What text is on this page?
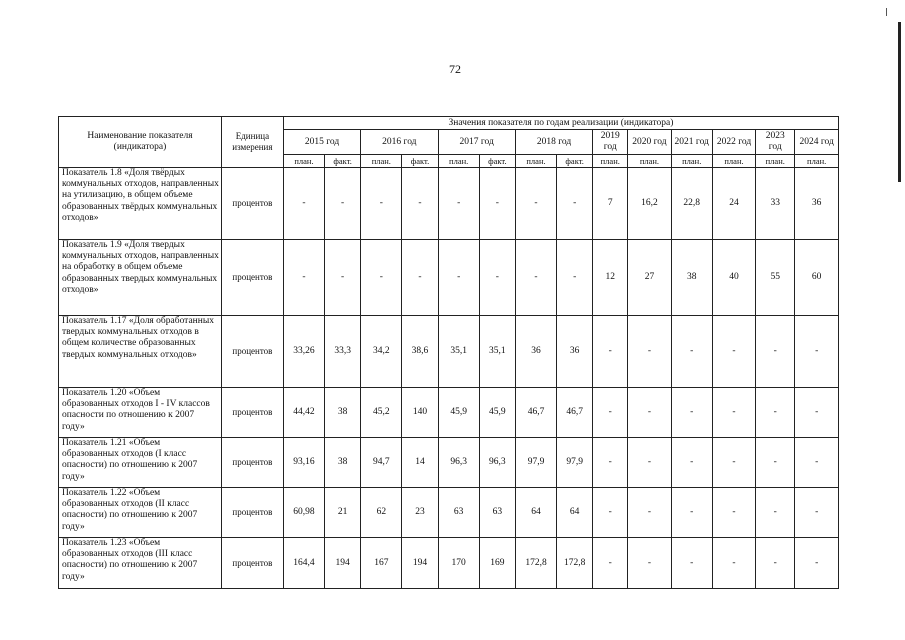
72
Наименование показателя (индикатора)	Единица измерения	Значения показателя по годам реализации (индикатора)													
		2015 год		2016 год		2017 год		2018 год		2019 год	2020 год	2021 год	2022 год	2023 год	2024 год
		план.	факт.	план.	факт.	план.	факт.	план.	факт.	план.	план.	план.	план.	план.	план.
Показатель 1.8 «Доля твёрдых коммунальных отходов, направленных на утилизацию, в общем объеме образованных твёрдых коммунальных отходов»	процентов	-	-	-	-	-	-	-	-	7	16,2	22,8	24	33	36
Показатель 1.9 «Доля твердых коммунальных отходов, направленных на обработку в общем объеме образованных твердых коммунальных отходов»	процентов	-	-	-	-	-	-	-	-	12	27	38	40	55	60
Показатель 1.17 «Доля обработанных твердых коммунальных отходов в общем количестве образованных твердых коммунальных отходов»	процентов	33,26	33,3	34,2	38,6	35,1	35,1	36	36	-	-	-	-	-	-
Показатель 1.20 «Объем образованных отходов I - IV классов опасности по отношению к 2007 году»	процентов	44,42	38	45,2	140	45,9	45,9	46,7	46,7	-	-	-	-	-	-
Показатель 1.21 «Объем образованных отходов (I класс опасности) по отношению к 2007 году»	процентов	93,16	38	94,7	14	96,3	96,3	97,9	97,9	-	-	-	-	-	-
Показатель 1.22 «Объем образованных отходов (II класс опасности) по отношению к 2007 году»	процентов	60,98	21	62	23	63	63	64	64	-	-	-	-	-	-
Показатель 1.23 «Объем образованных отходов (III класс опасности) по отношению к 2007 году»	процентов	164,4	194	167	194	170	169	172,8	172,8	-	-	-	-	-	-
